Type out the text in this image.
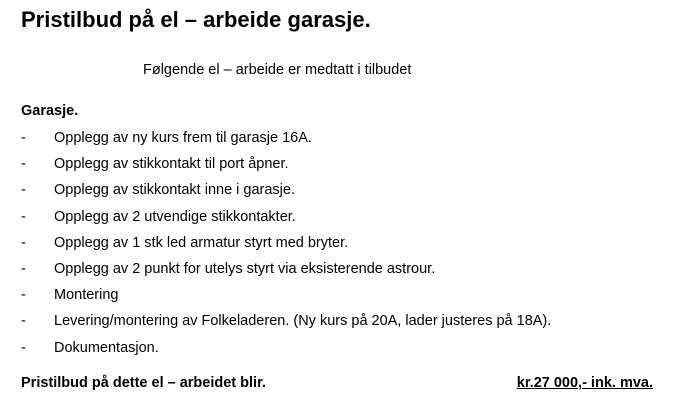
Pristilbud på el – arbeide garasje.
Følgende el – arbeide er medtatt i tilbudet
Garasje.
-	Opplegg av ny kurs frem til garasje 16A.
-	Opplegg av stikkontakt til port åpner.
-	Opplegg av stikkontakt inne i garasje.
-	Opplegg av 2 utvendige stikkontakter.
-	Opplegg av 1 stk led armatur styrt med bryter.
-	Opplegg av 2 punkt for utelys styrt via eksisterende astrour.
-	Montering
-	Levering/montering av Folkeladeren. (Ny kurs på 20A, lader justeres på 18A).
-	Dokumentasjon.
Pristilbud på dette el – arbeidet blir.	kr.27 000,- ink. mva.
